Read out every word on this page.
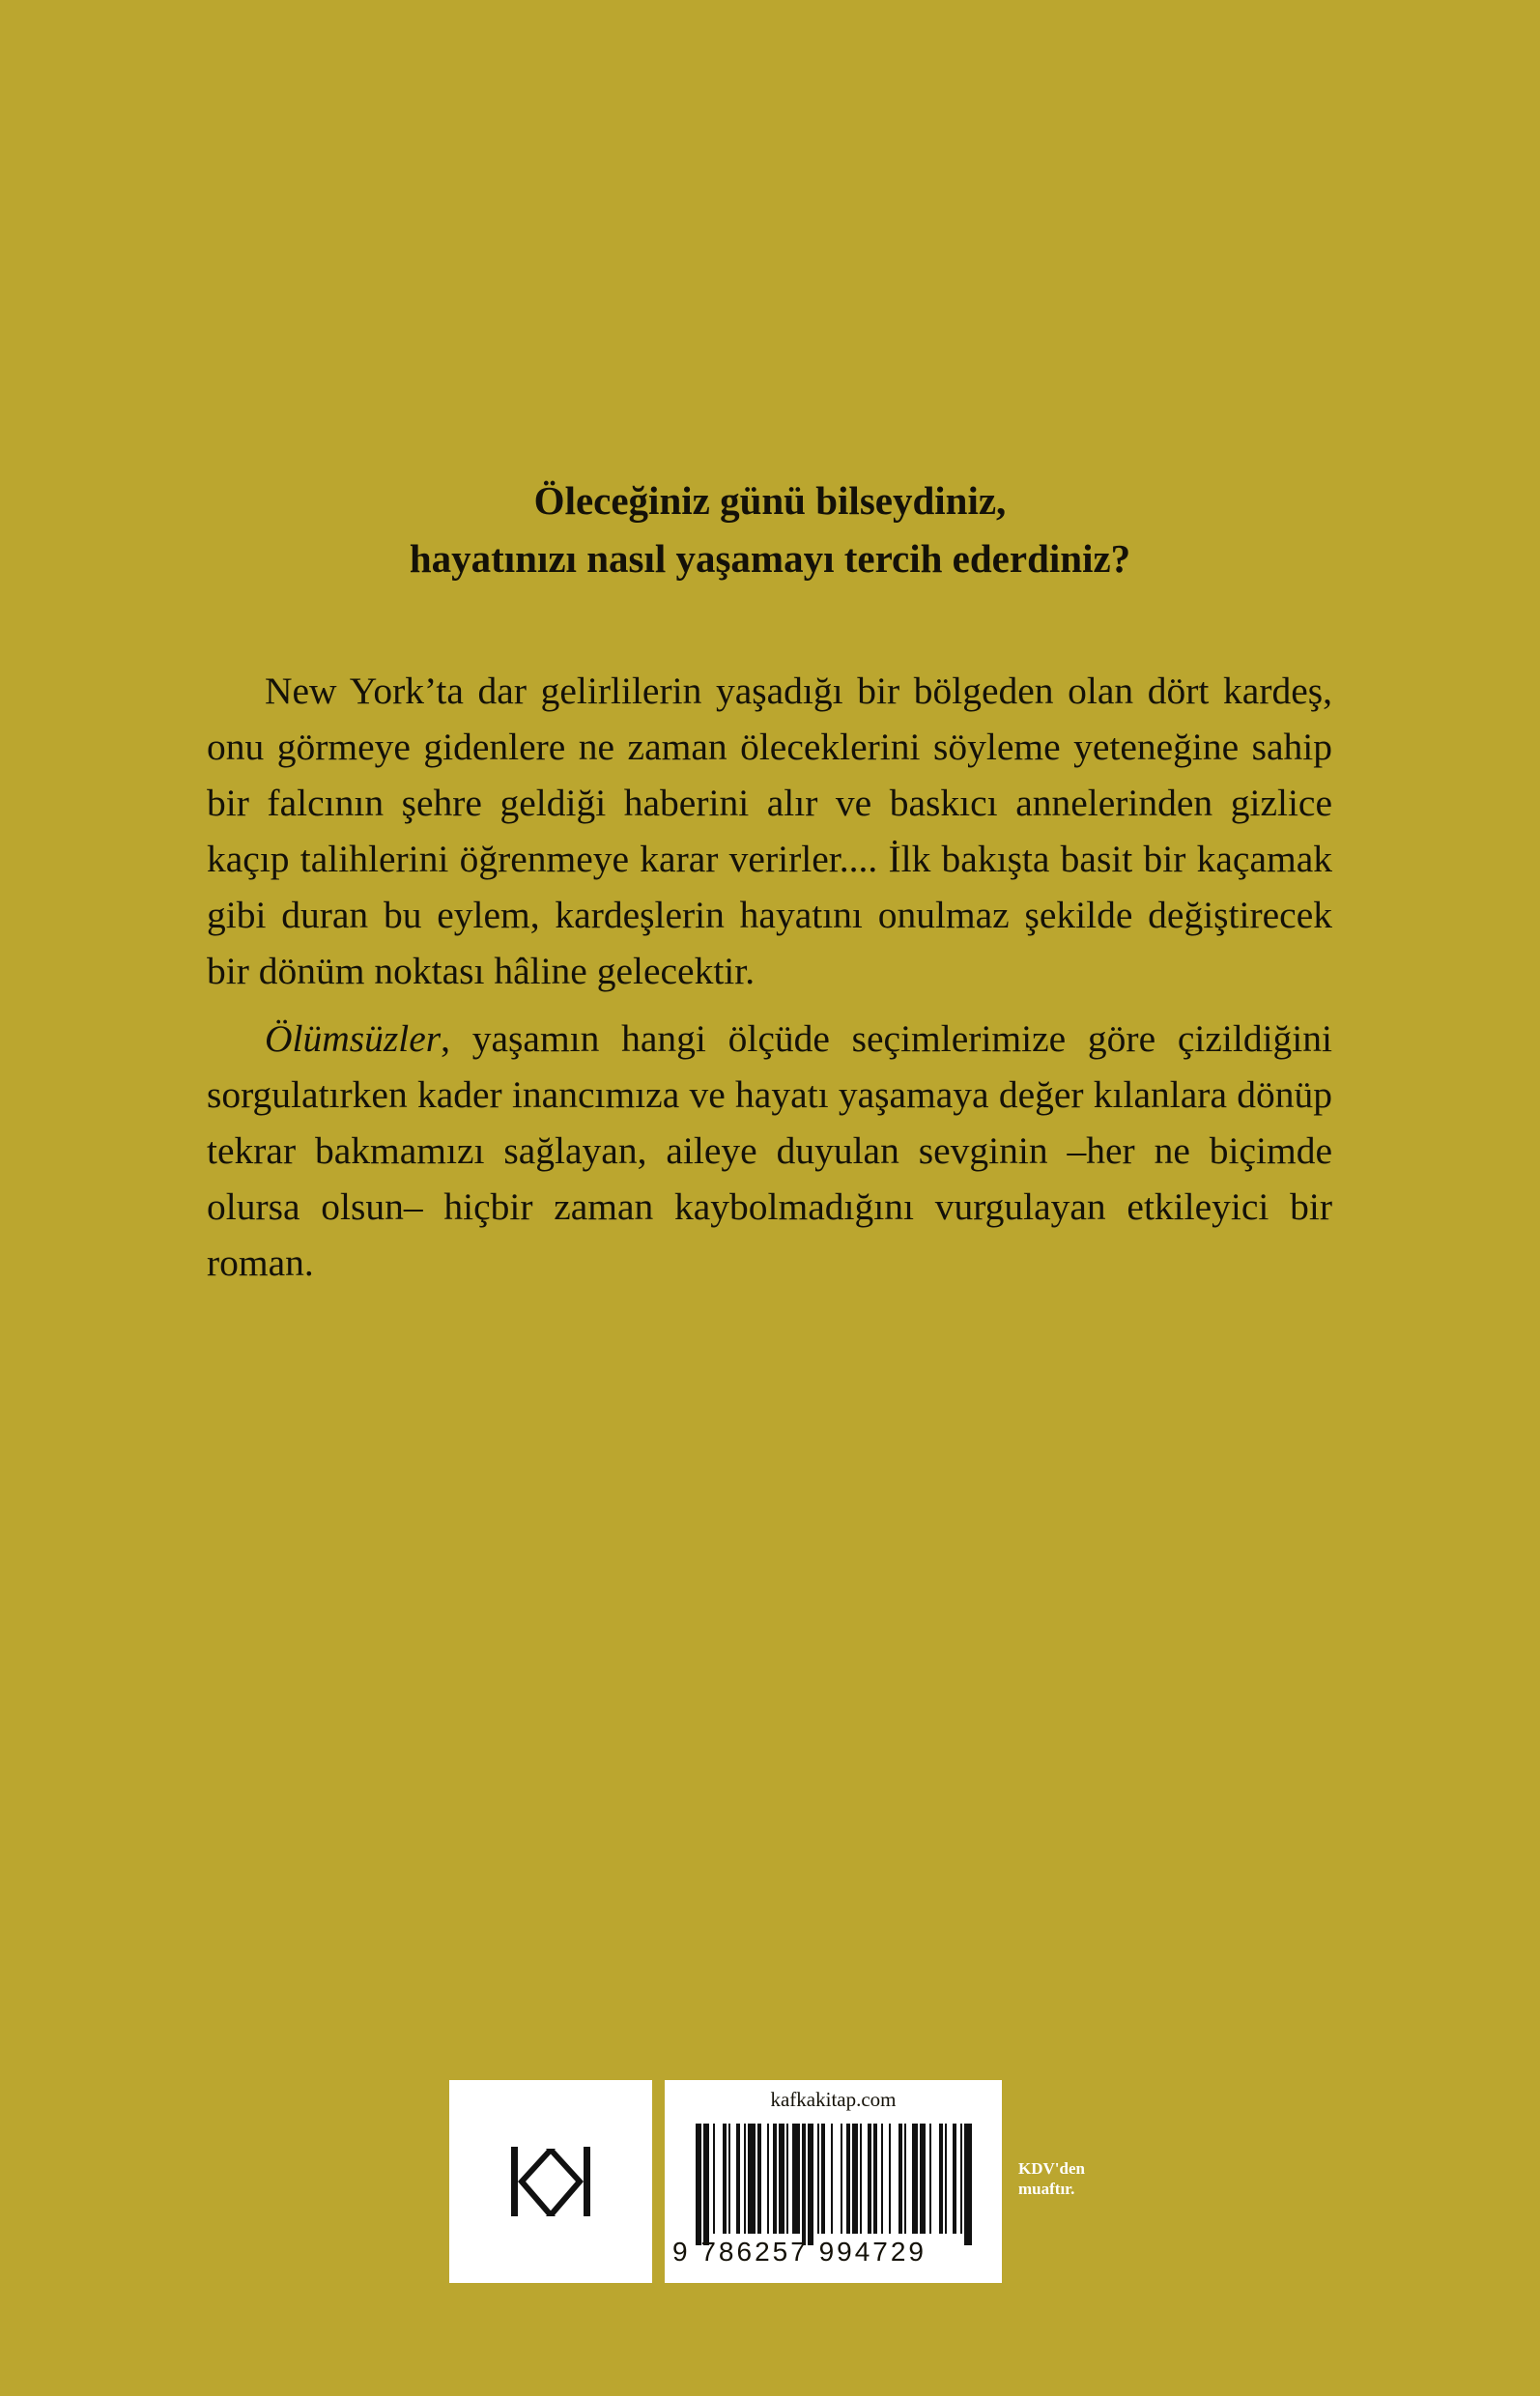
Öleceğiniz günü bilseydiniz,
hayatınızı nasıl yaşamayı tercih ederdiniz?

New York’ta dar gelirlilerin yaşadığı bir bölgeden olan dört kardeş, onu görmeye gidenlere ne zaman öleceklerini söyleme yeteneğine sahip bir falcının şehre geldiği haberini alır ve baskıcı annelerinden gizlice kaçıp talihlerini öğrenmeye karar verirler.... İlk bakışta basit bir kaçamak gibi duran bu eylem, kardeşlerin hayatını onulmaz şekilde değiştirecek bir dönüm noktası hâline gelecektir.

Ölümsüzler, yaşamın hangi ölçüde seçimlerimize göre çizildiğini sorgulatırken kader inancımıza ve hayatı yaşamaya değer kılanlara dönüp tekrar bakmamızı sağlayan, aileye duyulan sevginin –her ne biçimde olursa olsun– hiçbir zaman kaybolmadığını vurgulayan etkileyici bir roman.

kafkakitap.com
9 786257 994729
KDV'den
muaftır.
